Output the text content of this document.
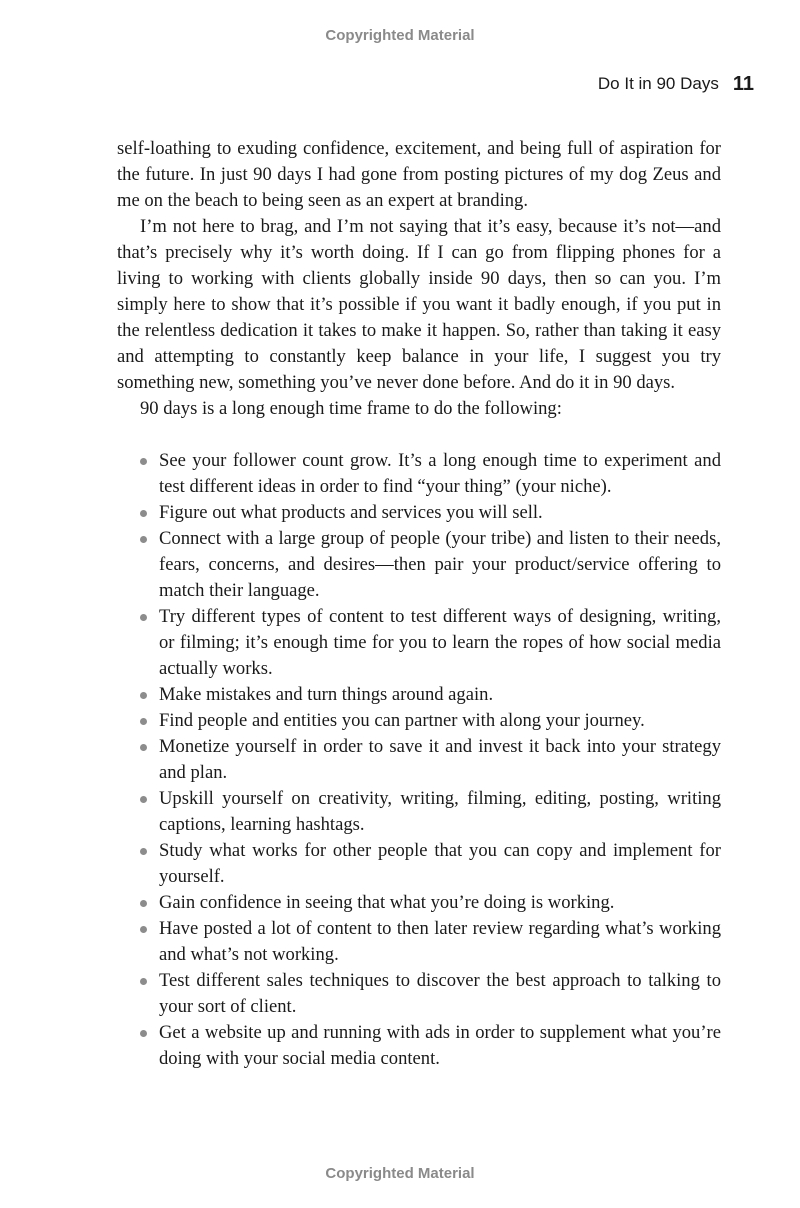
Copyrighted Material
Do It in 90 Days 11

self-loathing to exuding confidence, excitement, and being full of aspiration for the future. In just 90 days I had gone from posting pictures of my dog Zeus and me on the beach to being seen as an expert at branding.

I’m not here to brag, and I’m not saying that it’s easy, because it’s not—and that’s precisely why it’s worth doing. If I can go from flipping phones for a living to working with clients globally inside 90 days, then so can you. I’m simply here to show that it’s possible if you want it badly enough, if you put in the relentless dedication it takes to make it happen. So, rather than taking it easy and attempting to constantly keep balance in your life, I suggest you try something new, something you’ve never done before. And do it in 90 days.

90 days is a long enough time frame to do the following:

See your follower count grow. It’s a long enough time to experiment and test different ideas in order to find “your thing” (your niche).
Figure out what products and services you will sell.
Connect with a large group of people (your tribe) and listen to their needs, fears, concerns, and desires—then pair your product/service offering to match their language.
Try different types of content to test different ways of designing, writing, or filming; it’s enough time for you to learn the ropes of how social media actually works.
Make mistakes and turn things around again.
Find people and entities you can partner with along your journey.
Monetize yourself in order to save it and invest it back into your strategy and plan.
Upskill yourself on creativity, writing, filming, editing, posting, writing captions, learning hashtags.
Study what works for other people that you can copy and implement for yourself.
Gain confidence in seeing that what you’re doing is working.
Have posted a lot of content to then later review regarding what’s working and what’s not working.
Test different sales techniques to discover the best approach to talking to your sort of client.
Get a website up and running with ads in order to supplement what you’re doing with your social media content.
Copyrighted Material
